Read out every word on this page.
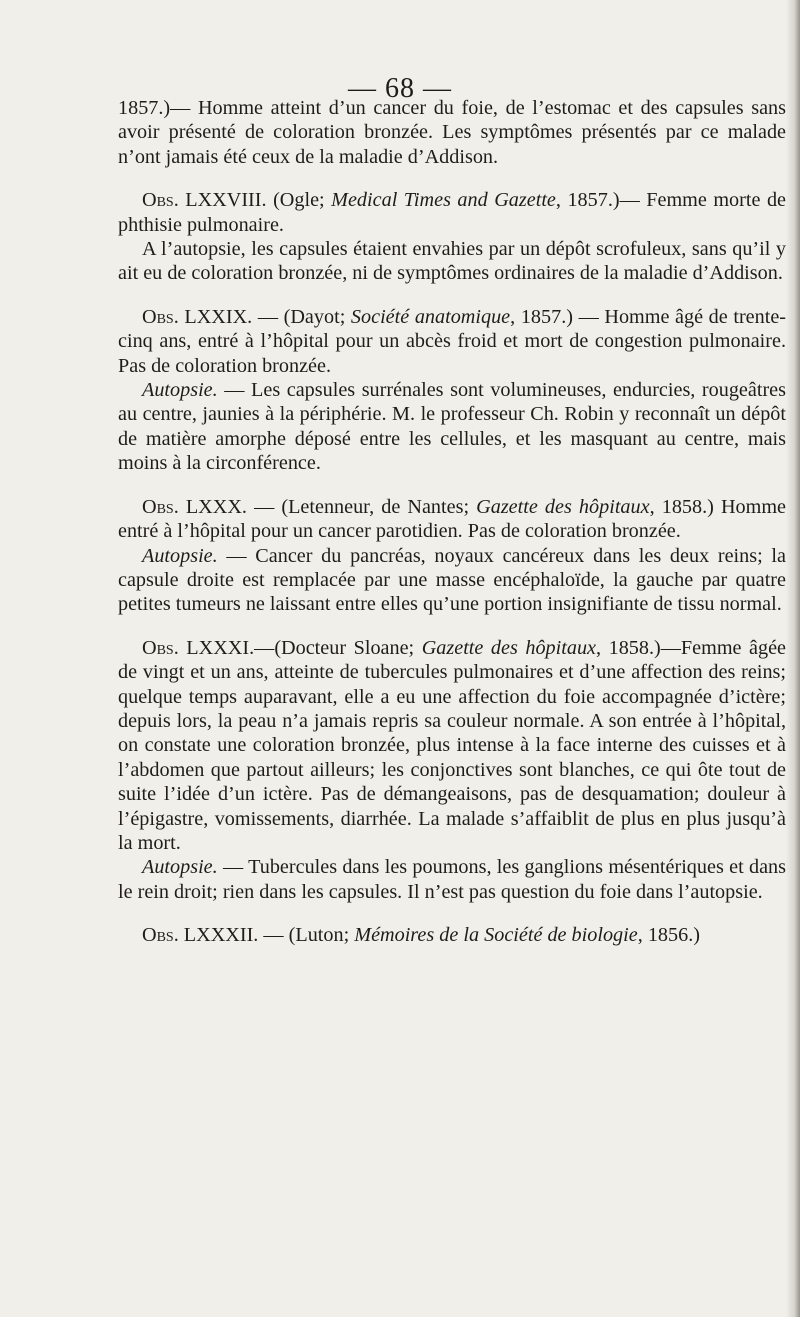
— 68 —

1857.)— Homme atteint d’un cancer du foie, de l’estomac et des capsules sans avoir présenté de coloration bronzée. Les symptômes présentés par ce malade n’ont jamais été ceux de la maladie d’Addison.

Obs. LXXVIII. (Ogle; Medical Times and Gazette, 1857.)— Femme morte de phthisie pulmonaire.

A l’autopsie, les capsules étaient envahies par un dépôt scrofuleux, sans qu’il y ait eu de coloration bronzée, ni de symptômes ordinaires de la maladie d’Addison.

Obs. LXXIX. — (Dayot; Société anatomique, 1857.) — Homme âgé de trente-cinq ans, entré à l’hôpital pour un abcès froid et mort de congestion pulmonaire. Pas de coloration bronzée.

Autopsie. — Les capsules surrénales sont volumineuses, endurcies, rougeâtres au centre, jaunies à la périphérie. M. le professeur Ch. Robin y reconnaît un dépôt de matière amorphe déposé entre les cellules, et les masquant au centre, mais moins à la circonférence.

Obs. LXXX. — (Letenneur, de Nantes; Gazette des hôpitaux, 1858.) Homme entré à l’hôpital pour un cancer parotidien. Pas de coloration bronzée.

Autopsie. — Cancer du pancréas, noyaux cancéreux dans les deux reins; la capsule droite est remplacée par une masse encéphaloïde, la gauche par quatre petites tumeurs ne laissant entre elles qu’une portion insignifiante de tissu normal.

Obs. LXXXI.—(Docteur Sloane; Gazette des hôpitaux, 1858.)—Femme âgée de vingt et un ans, atteinte de tubercules pulmonaires et d’une affection des reins; quelque temps auparavant, elle a eu une affection du foie accompagnée d’ictère; depuis lors, la peau n’a jamais repris sa couleur normale. A son entrée à l’hôpital, on constate une coloration bronzée, plus intense à la face interne des cuisses et à l’abdomen que partout ailleurs; les conjonctives sont blanches, ce qui ôte tout de suite l’idée d’un ictère. Pas de démangeaisons, pas de desquamation; douleur à l’épigastre, vomissements, diarrhée. La malade s’affaiblit de plus en plus jusqu’à la mort.

Autopsie. — Tubercules dans les poumons, les ganglions mésentériques et dans le rein droit; rien dans les capsules. Il n’est pas question du foie dans l’autopsie.

Obs. LXXXII. — (Luton; Mémoires de la Société de biologie, 1856.)
